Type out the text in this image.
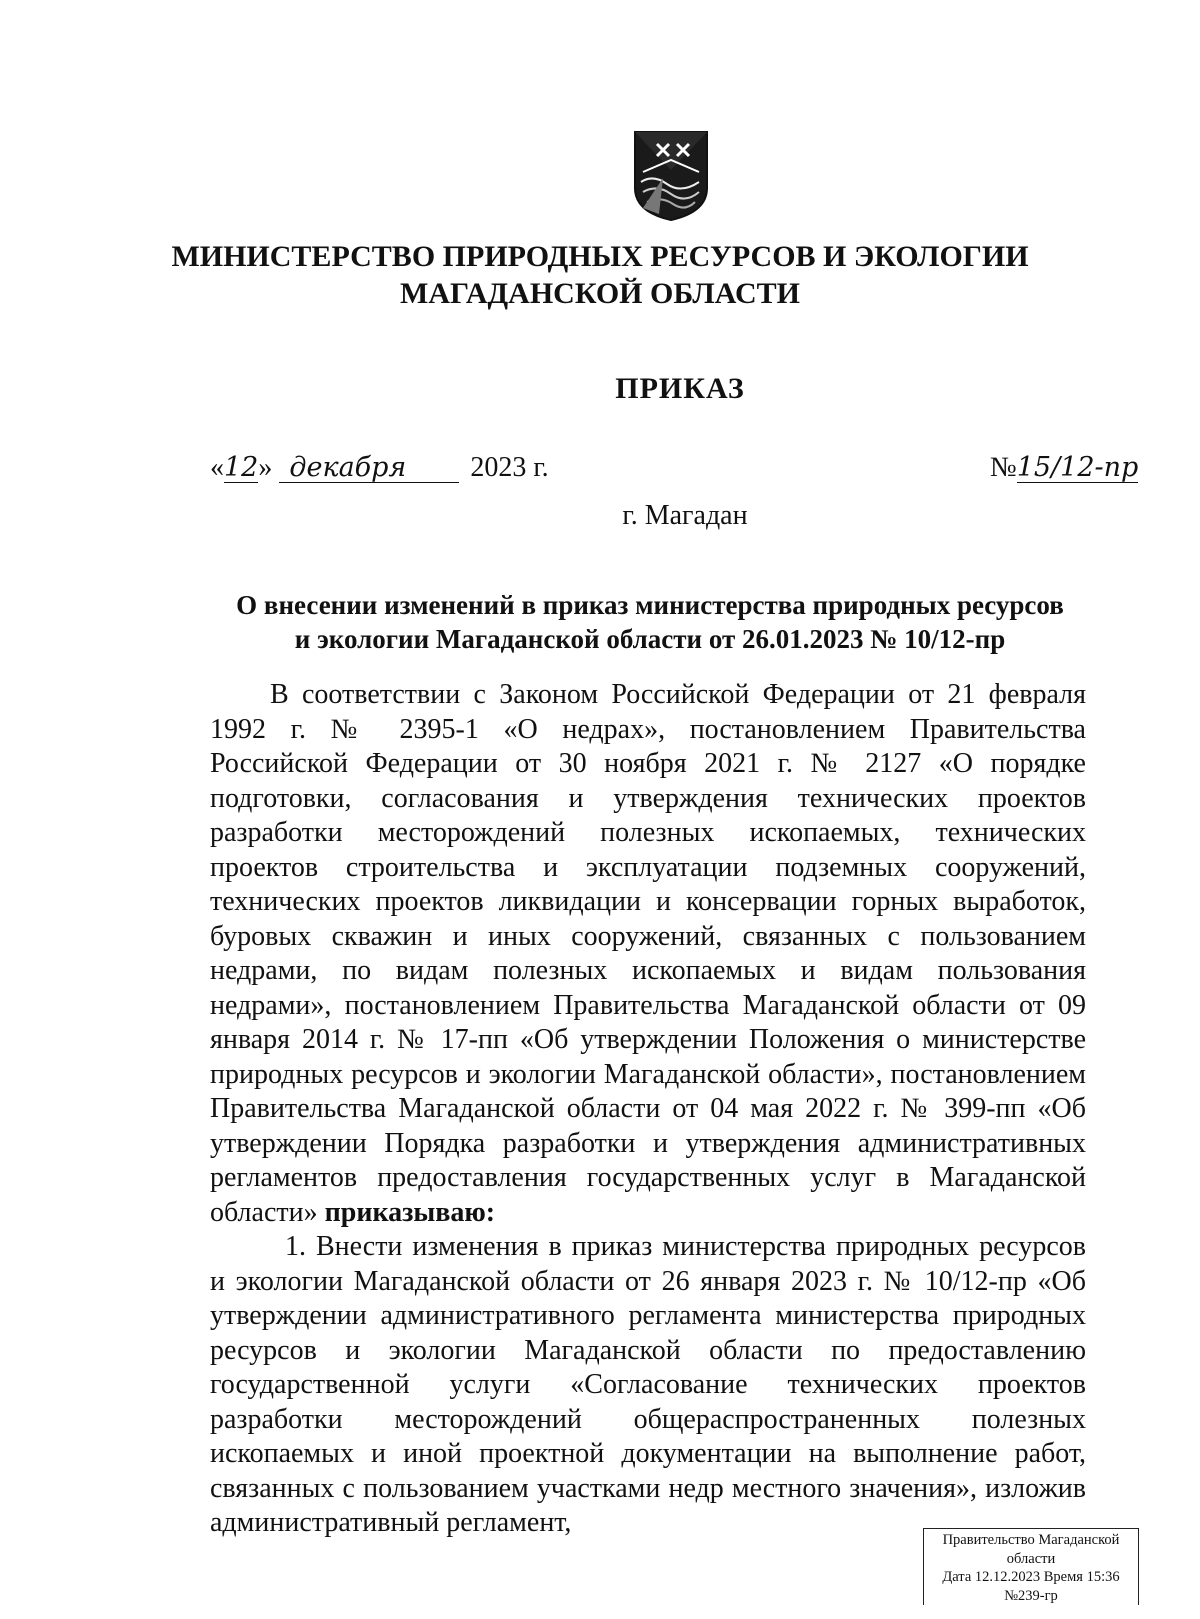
МИНИСТЕРСТВО ПРИРОДНЫХ РЕСУРСОВ И ЭКОЛОГИИ
МАГАДАНСКОЙ ОБЛАСТИ
ПРИКАЗ
«12» декабря 2023 г.	№15/12-пр
г. Магадан
О внесении изменений в приказ министерства природных ресурсов
и экологии Магаданской области от 26.01.2023 № 10/12-пр

В соответствии с Законом Российской Федерации от 21 февраля 1992 г. № 2395-1 «О недрах», постановлением Правительства Российской Федерации от 30 ноября 2021 г. № 2127 «О порядке подготовки, согласования и утверждения технических проектов разработки месторождений полезных ископаемых, технических проектов строительства и эксплуатации подземных сооружений, технических проектов ликвидации и консервации горных выработок, буровых скважин и иных сооружений, связанных с пользованием недрами, по видам полезных ископаемых и видам пользования недрами», постановлением Правительства Магаданской области от 09 января 2014 г. № 17-пп «Об утверждении Положения о министерстве природных ресурсов и экологии Магаданской области», постановлением Правительства Магаданской области от 04 мая 2022 г. № 399-пп «Об утверждении Порядка разработки и утверждения административных регламентов предоставления государственных услуг в Магаданской области» приказываю:

1. Внести изменения в приказ министерства природных ресурсов и экологии Магаданской области от 26 января 2023 г. № 10/12-пр «Об утверждении административного регламента министерства природных ресурсов и экологии Магаданской области по предоставлению государственной услуги «Согласование технических проектов разработки месторождений общераспространенных полезных ископаемых и иной проектной документации на выполнение работ, связанных с пользованием участками недр местного значения», изложив административный регламент,

Правительство Магаданской
области
Дата 12.12.2023 Время 15:36
№239-гр
